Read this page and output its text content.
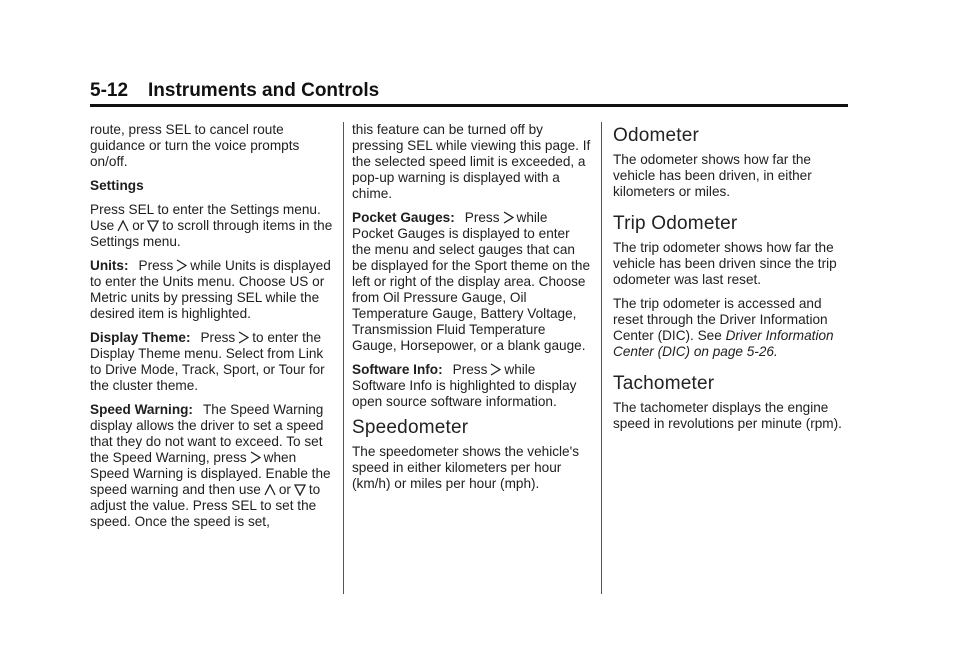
5-12 Instruments and Controls

route, press SEL to cancel route guidance or turn the voice prompts on/off.

Settings

Press SEL to enter the Settings menu. Use or to scroll through items in the Settings menu.

Units: Press while Units is displayed to enter the Units menu. Choose US or Metric units by pressing SEL while the desired item is highlighted.

Display Theme: Press to enter the Display Theme menu. Select from Link to Drive Mode, Track, Sport, or Tour for the cluster theme.

Speed Warning: The Speed Warning display allows the driver to set a speed that they do not want to exceed. To set the Speed Warning, press when Speed Warning is displayed. Enable the speed warning and then use or to adjust the value. Press SEL to set the speed. Once the speed is set,

this feature can be turned off by pressing SEL while viewing this page. If the selected speed limit is exceeded, a pop-up warning is displayed with a chime.

Pocket Gauges: Press while Pocket Gauges is displayed to enter the menu and select gauges that can be displayed for the Sport theme on the left or right of the display area. Choose from Oil Pressure Gauge, Oil Temperature Gauge, Battery Voltage, Transmission Fluid Temperature Gauge, Horsepower, or a blank gauge.

Software Info: Press while Software Info is highlighted to display open source software information.

Speedometer

The speedometer shows the vehicle's speed in either kilometers per hour (km/h) or miles per hour (mph).

Odometer

The odometer shows how far the vehicle has been driven, in either kilometers or miles.

Trip Odometer

The trip odometer shows how far the vehicle has been driven since the trip odometer was last reset.

The trip odometer is accessed and reset through the Driver Information Center (DIC). See Driver Information Center (DIC) on page 5-26.

Tachometer

The tachometer displays the engine speed in revolutions per minute (rpm).
